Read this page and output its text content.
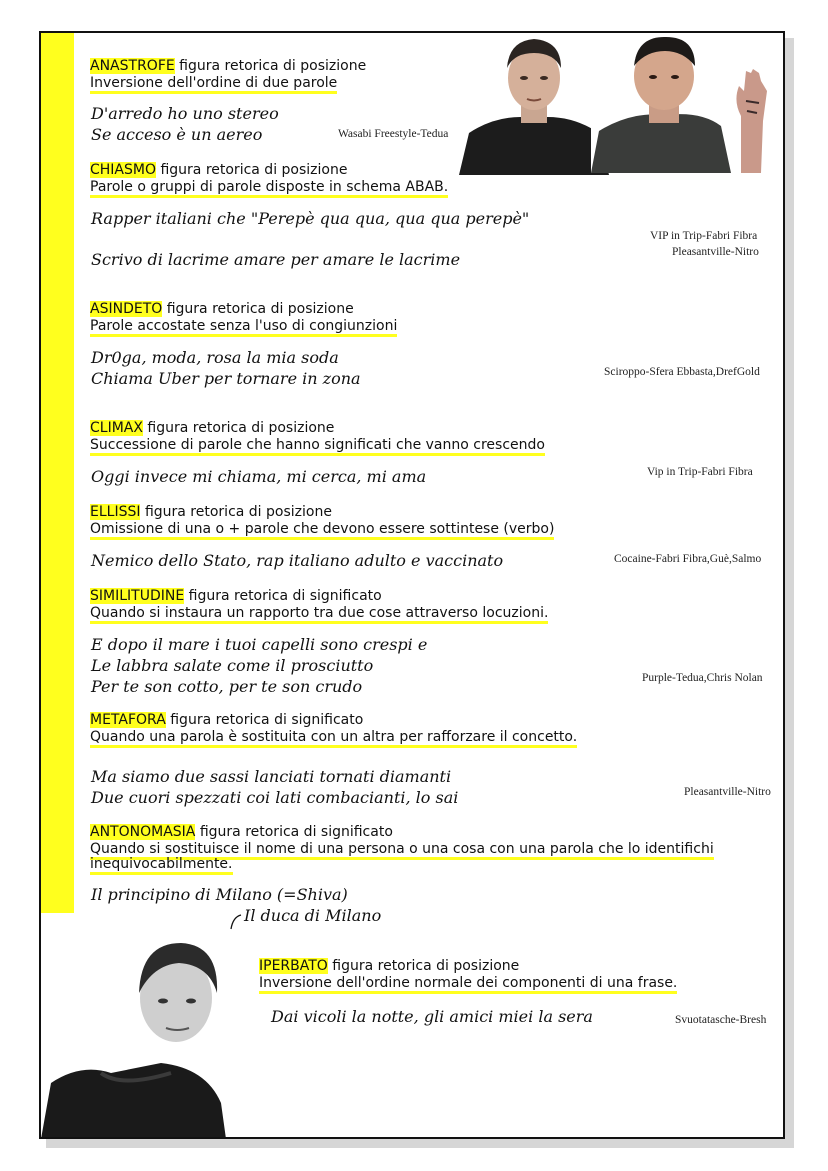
ANASTROFE figura retorica di posizione
Inversione dell'ordine di due parole
D'arredo ho uno stereo
Se acceso è un aereo	Wasabi Freestyle-Tedua
CHIASMO figura retorica di posizione
Parole o gruppi di parole disposte in schema ABAB.
Rapper italiani che "Perepè qua qua, qua qua perepè"
Scrivo di lacrime amare per amare le lacrime
VIP in Trip-Fabri Fibra
Pleasantville-Nitro
ASINDETO figura retorica di posizione
Parole accostate senza l'uso di congiunzioni
Dr0ga, moda, rosa la mia soda
Chiama Uber per tornare in zona	Sciroppo-Sfera Ebbasta,DrefGold
CLIMAX figura retorica di posizione
Successione di parole che hanno significati che vanno crescendo
Oggi invece mi chiama, mi cerca, mi ama	Vip in Trip-Fabri Fibra
ELLISSI figura retorica di posizione
Omissione di una o + parole che devono essere sottintese (verbo)
Nemico dello Stato, rap italiano adulto e vaccinato	Cocaine-Fabri Fibra,Guè,Salmo
SIMILITUDINE figura retorica di significato
Quando si instaura un rapporto tra due cose attraverso locuzioni.
E dopo il mare i tuoi capelli sono crespi e
Le labbra salate come il prosciutto
Per te son cotto, per te son crudo	Purple-Tedua,Chris Nolan
METAFORA figura retorica di significato
Quando una parola è sostituita con un altra per rafforzare il concetto.
Ma siamo due sassi lanciati tornati diamanti
Due cuori spezzati coi lati combacianti, lo sai	Pleasantville-Nitro
ANTONOMASIA figura retorica di significato
Quando si sostituisce il nome di una persona o una cosa con una parola che lo identifichi
inequivocabilmente.
Il principino di Milano (=Shiva)
Il duca di Milano
IPERBATO figura retorica di posizione
Inversione dell'ordine normale dei componenti di una frase.
Dai vicoli la notte, gli amici miei la sera	Svuotatasche-Bresh
